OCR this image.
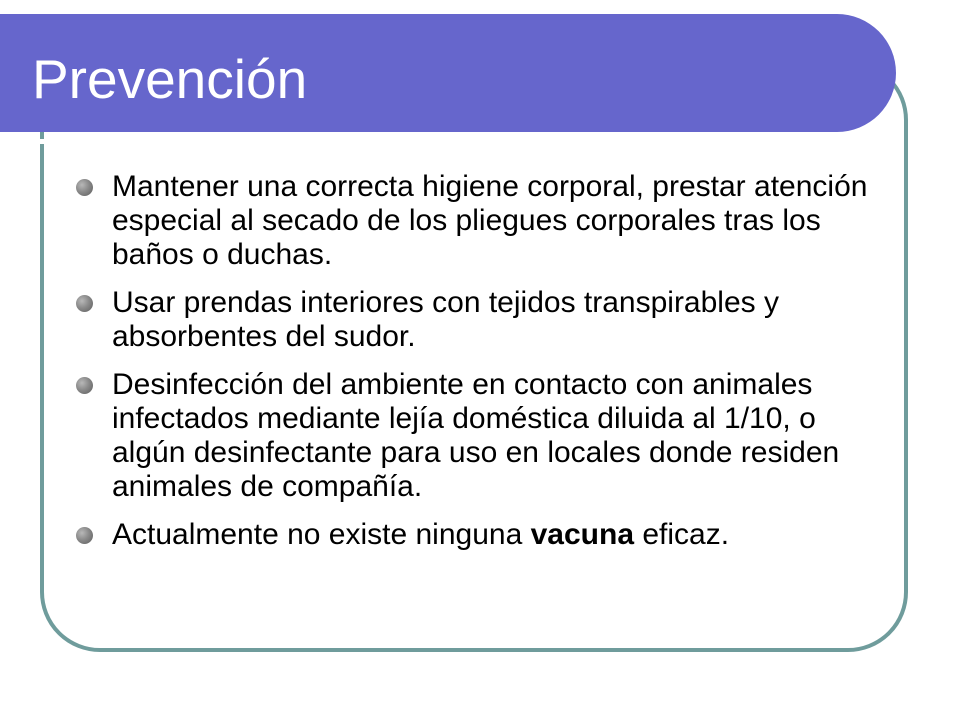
Prevención
Mantener una correcta higiene corporal, prestar atención especial al secado de los pliegues corporales tras los baños o duchas.
Usar prendas interiores con tejidos transpirables y absorbentes del sudor.
Desinfección del ambiente en contacto con animales infectados mediante lejía doméstica diluida al 1/10, o algún desinfectante para uso en locales donde residen animales de compañía.
Actualmente no existe ninguna vacuna eficaz.
